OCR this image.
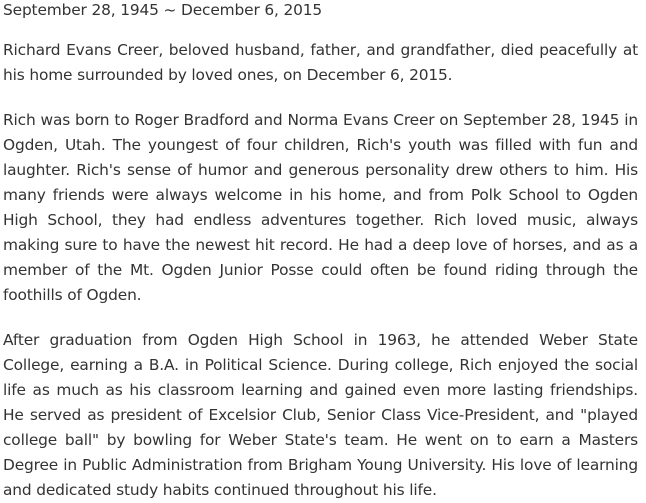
September 28, 1945 ~ December 6, 2015

Richard Evans Creer, beloved husband, father, and grandfather, died peacefully at his home surrounded by loved ones, on December 6, 2015.

Rich was born to Roger Bradford and Norma Evans Creer on September 28, 1945 in Ogden, Utah. The youngest of four children, Rich's youth was filled with fun and laughter. Rich's sense of humor and generous personality drew others to him. His many friends were always welcome in his home, and from Polk School to Ogden High School, they had endless adventures together. Rich loved music, always making sure to have the newest hit record. He had a deep love of horses, and as a member of the Mt. Ogden Junior Posse could often be found riding through the foothills of Ogden.

After graduation from Ogden High School in 1963, he attended Weber State College, earning a B.A. in Political Science. During college, Rich enjoyed the social life as much as his classroom learning and gained even more lasting friendships. He served as president of Excelsior Club, Senior Class Vice-President, and "played college ball" by bowling for Weber State's team. He went on to earn a Masters Degree in Public Administration from Brigham Young University. His love of learning and dedicated study habits continued throughout his life.
